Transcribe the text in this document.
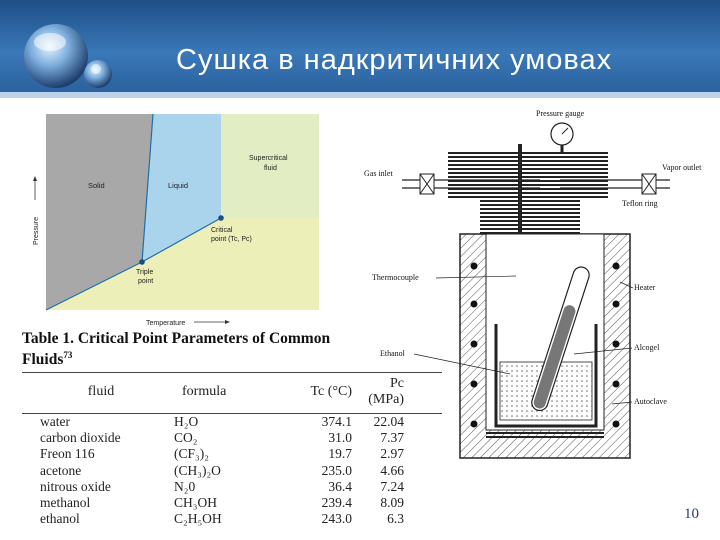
Сушка в надкритичних умовах
Solid	Liquid
Supercritical
fluid
Critical
point (Tc, Pc)
Triple
point
Pressure
Temperature
Table 1. Critical Point Parameters of Common
Fluids$^{73}$
fluid	formula	Tc (°C)	Pc (MPa)
water	H₂O	374.1	22.04
carbon dioxide	CO₂	31.0	7.37
Freon 116	(CF₃)₂	19.7	2.97
acetone	(CH₃)₂O	235.0	4.66
nitrous oxide	N₂0	36.4	7.24
methanol	CH₃OH	239.4	8.09
ethanol	C₂H₅OH	243.0	6.3
Pressure gauge
Gas inlet
Vapor outlet
Teflon ring
Thermocouple
Heater
Ethanol
Alcogel
Autoclave
10
